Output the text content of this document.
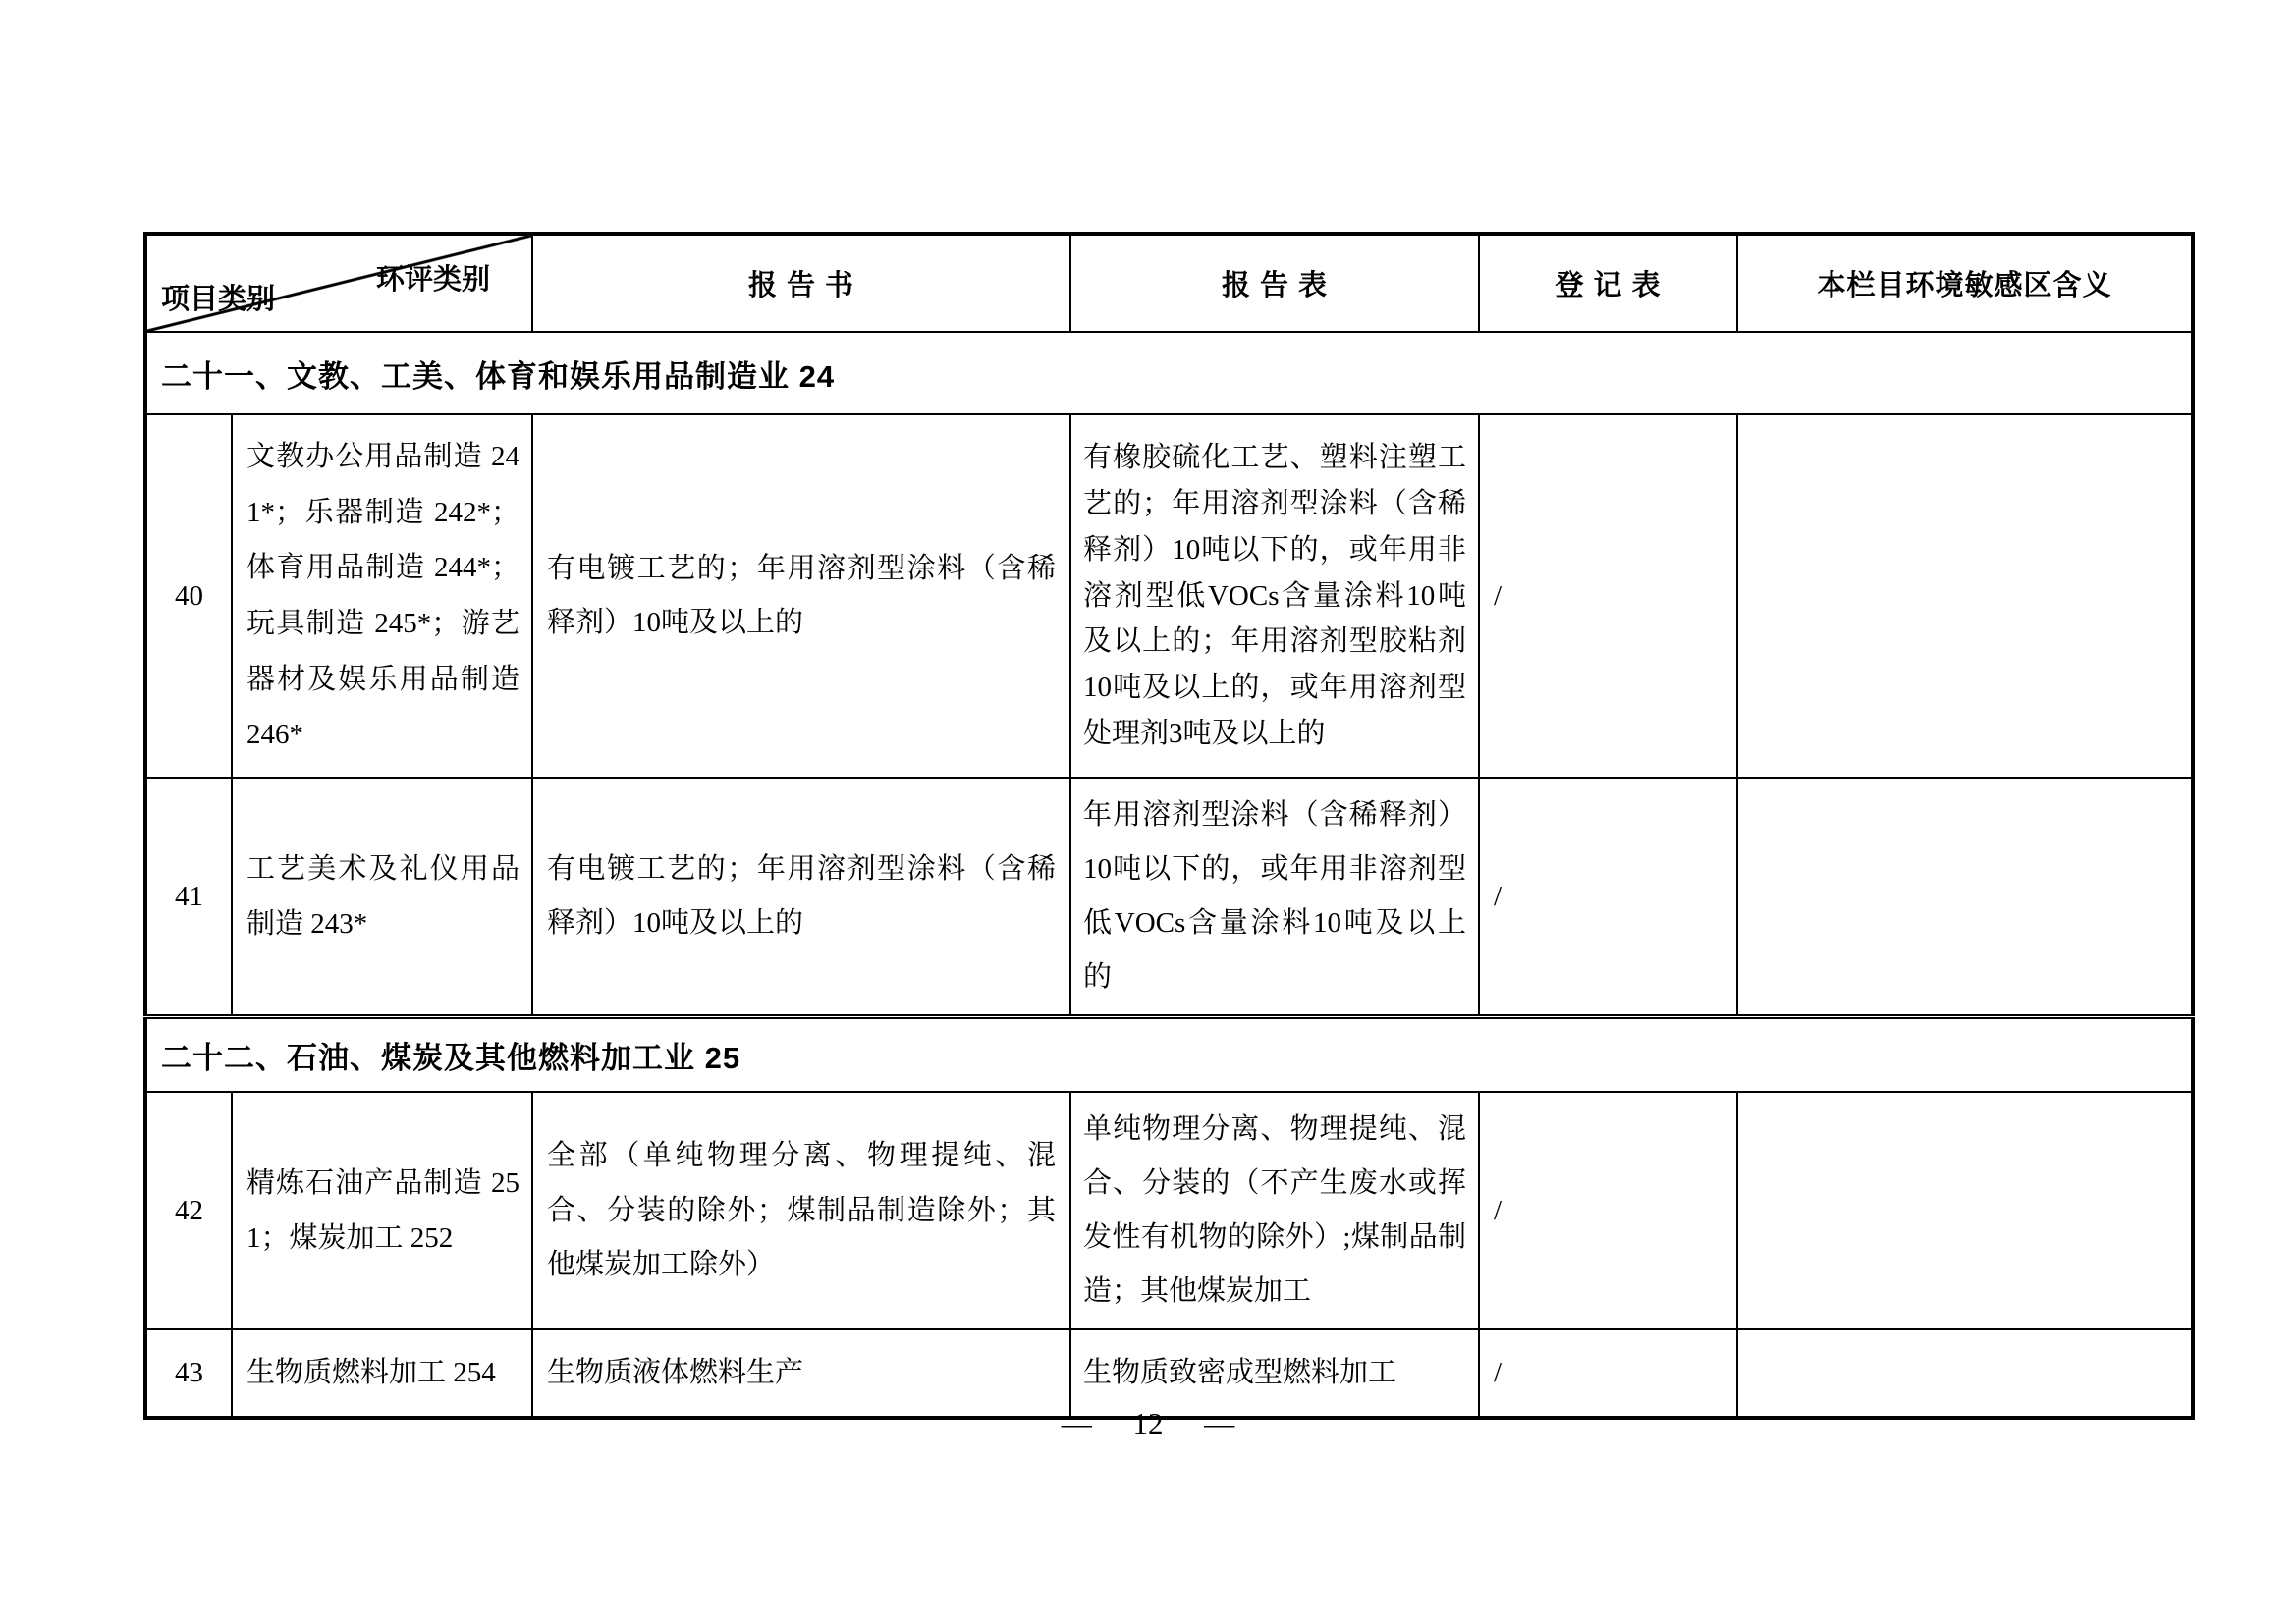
环评类别
项目类别		报 告 书	报 告 表	登 记 表	本栏目环境敏感区含义
二十一、文教、工美、体育和娱乐用品制造业 24					
40	文教办公用品制造 241*；乐器制造 242*；体育用品制造 244*；玩具制造 245*；游艺器材及娱乐用品制造 246*	有电镀工艺的；年用溶剂型涂料（含稀释剂）10吨及以上的	有橡胶硫化工艺、塑料注塑工艺的；年用溶剂型涂料（含稀释剂）10吨以下的，或年用非溶剂型低VOCs含量涂料10吨及以上的；年用溶剂型胶粘剂10吨及以上的，或年用溶剂型处理剂3吨及以上的	/	
41	工艺美术及礼仪用品制造 243*	有电镀工艺的；年用溶剂型涂料（含稀释剂）10吨及以上的	年用溶剂型涂料（含稀释剂）10吨以下的，或年用非溶剂型低VOCs含量涂料10吨及以上的	/	
二十二、石油、煤炭及其他燃料加工业 25					
42	精炼石油产品制造 251；煤炭加工 252	全部（单纯物理分离、物理提纯、混合、分装的除外；煤制品制造除外；其他煤炭加工除外）	单纯物理分离、物理提纯、混合、分装的（不产生废水或挥发性有机物的除外）;煤制品制造；其他煤炭加工	/	
43	生物质燃料加工 254	生物质液体燃料生产	生物质致密成型燃料加工	/	
— 12 —
